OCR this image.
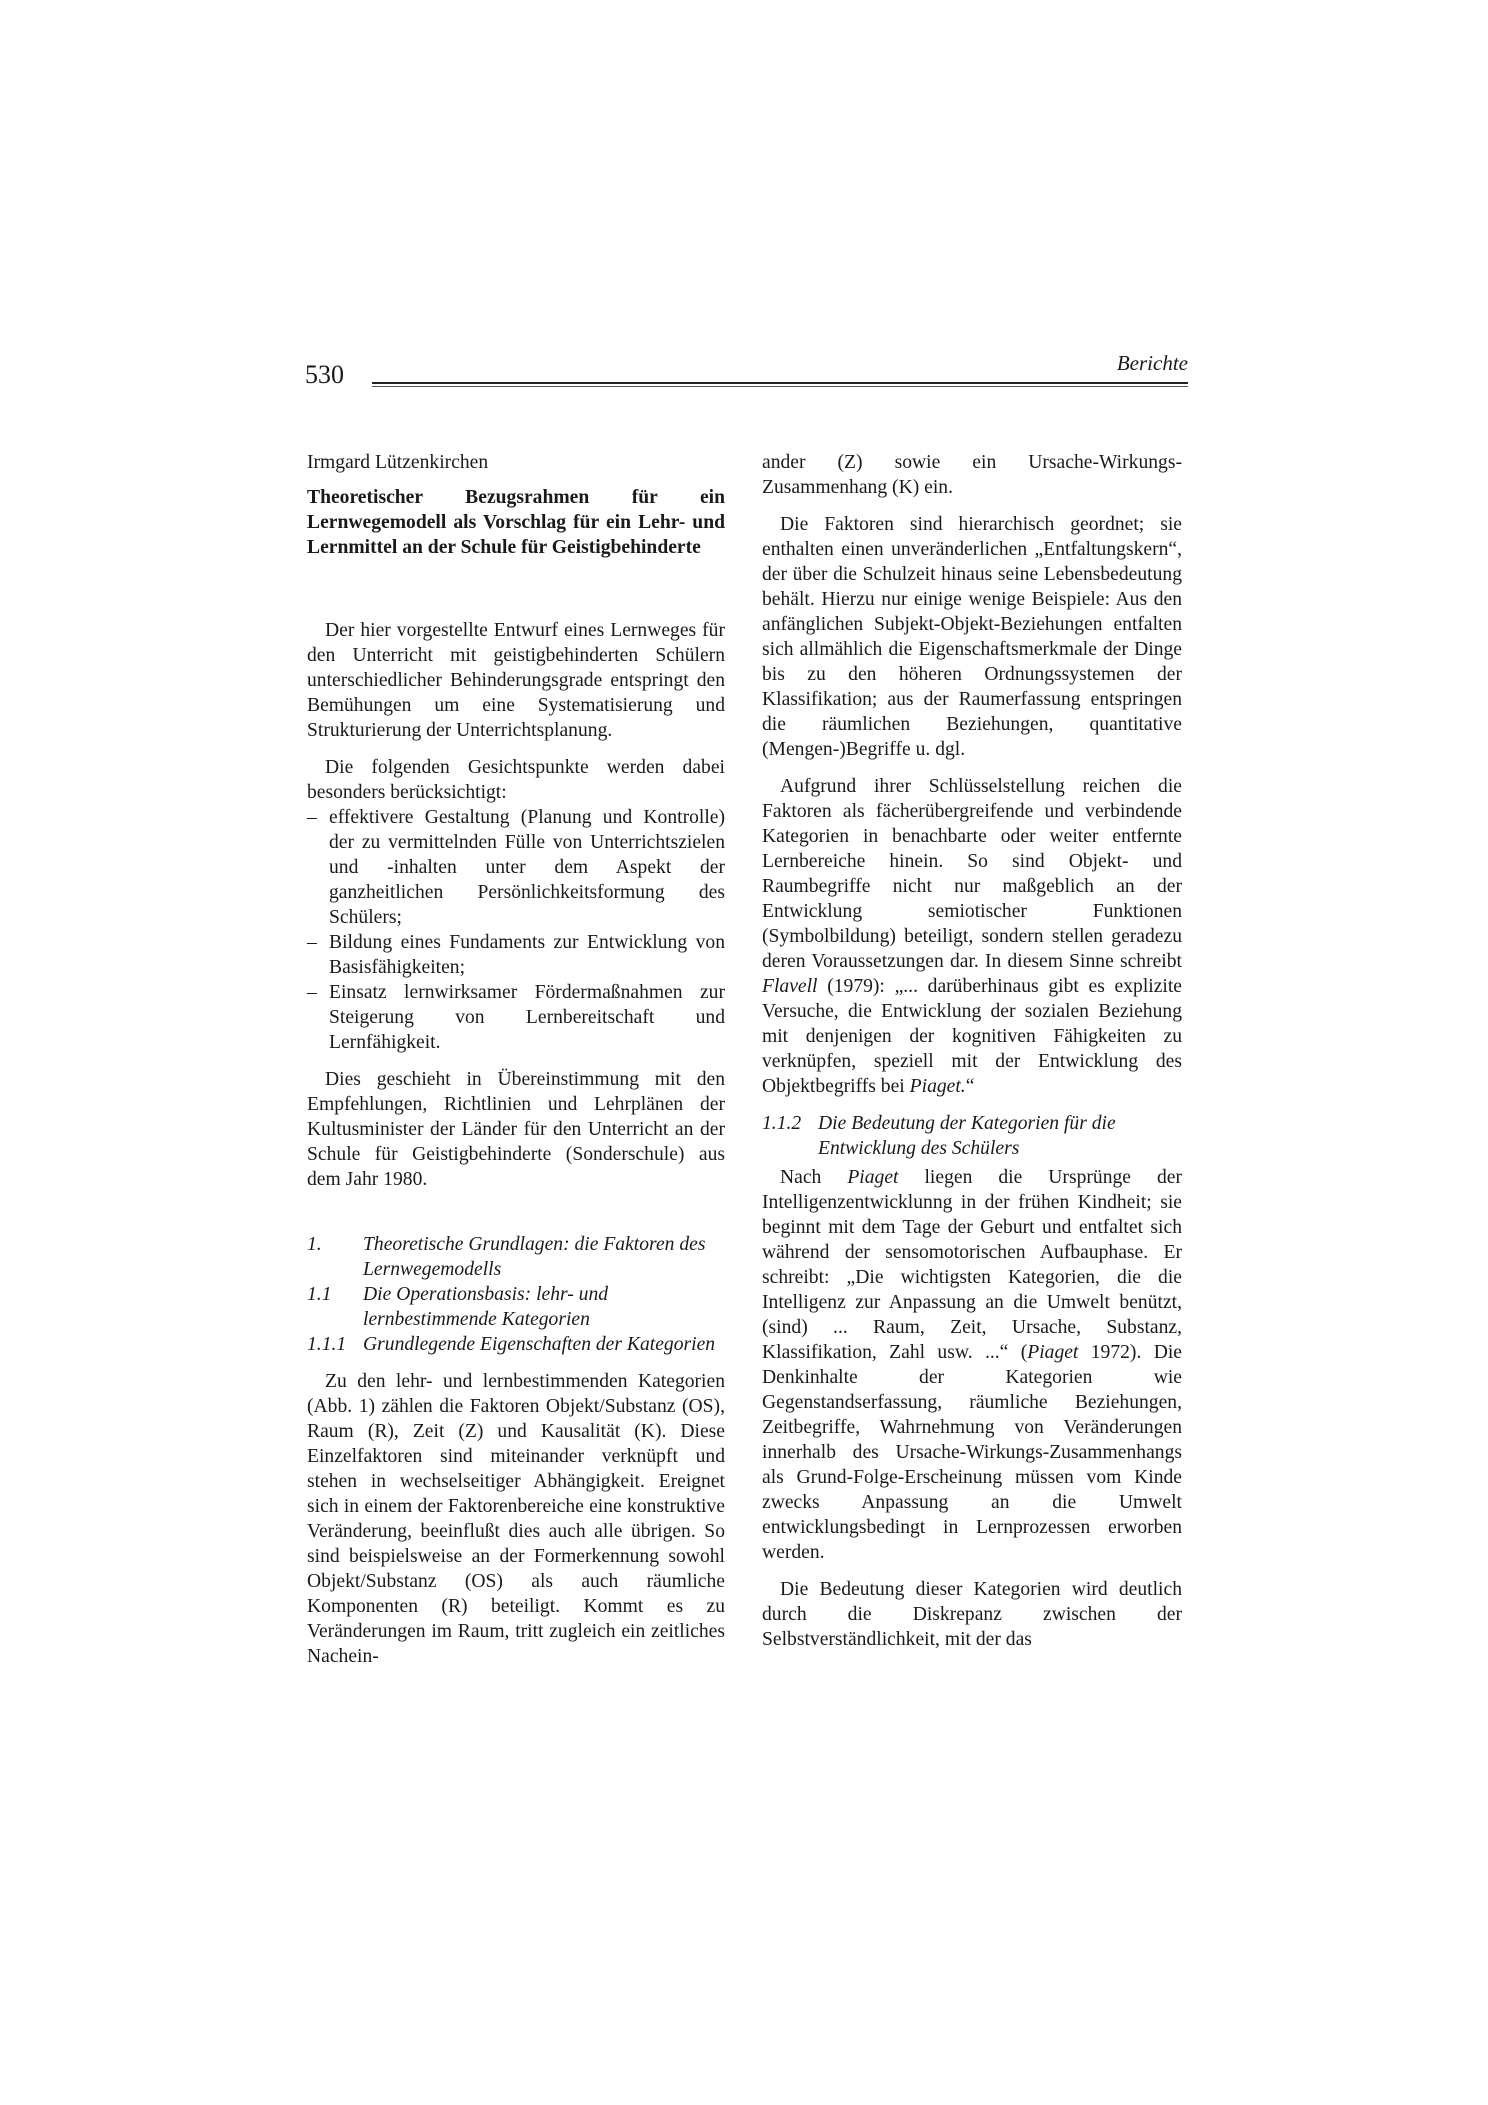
530	Berichte

Irmgard Lützenkirchen

Theoretischer Bezugsrahmen für ein Lernwegemodell als Vorschlag für ein Lehr- und Lernmittel an der Schule für Geistigbehinderte

Der hier vorgestellte Entwurf eines Lernweges für den Unterricht mit geistigbehinderten Schülern unterschiedlicher Behinderungsgrade entspringt den Bemühungen um eine Systematisierung und Strukturierung der Unterrichtsplanung.

Die folgenden Gesichtspunkte werden dabei besonders berücksichtigt:

– effektivere Gestaltung (Planung und Kontrolle) der zu vermittelnden Fülle von Unterrichtszielen und -inhalten unter dem Aspekt der ganzheitlichen Persönlichkeitsformung des Schülers;
– Bildung eines Fundaments zur Entwicklung von Basisfähigkeiten;
– Einsatz lernwirksamer Fördermaßnahmen zur Steigerung von Lernbereitschaft und Lernfähigkeit.

Dies geschieht in Übereinstimmung mit den Empfehlungen, Richtlinien und Lehrplänen der Kultusminister der Länder für den Unterricht an der Schule für Geistigbehinderte (Sonderschule) aus dem Jahr 1980.

1.	Theoretische Grundlagen: die Faktoren des Lernwegemodells
1.1	Die Operationsbasis: lehr- und lernbestimmende Kategorien
1.1.1 Grundlegende Eigenschaften der Kategorien

Zu den lehr- und lernbestimmenden Kategorien (Abb. 1) zählen die Faktoren Objekt/Substanz (OS), Raum (R), Zeit (Z) und Kausalität (K). Diese Einzelfaktoren sind miteinander verknüpft und stehen in wechselseitiger Abhängigkeit. Ereignet sich in einem der Faktorenbereiche eine konstruktive Veränderung, beeinflußt dies auch alle übrigen. So sind beispielsweise an der Formerkennung sowohl Objekt/Substanz (OS) als auch räumliche Komponenten (R) beteiligt. Kommt es zu Veränderungen im Raum, tritt zugleich ein zeitliches Nachein-

ander (Z) sowie ein Ursache-Wirkungs-Zusammenhang (K) ein.

Die Faktoren sind hierarchisch geordnet; sie enthalten einen unveränderlichen „Entfaltungskern“, der über die Schulzeit hinaus seine Lebensbedeutung behält. Hierzu nur einige wenige Beispiele: Aus den anfänglichen Subjekt-Objekt-Beziehungen entfalten sich allmählich die Eigenschaftsmerkmale der Dinge bis zu den höheren Ordnungssystemen der Klassifikation; aus der Raumerfassung entspringen die räumlichen Beziehungen, quantitative (Mengen-)Begriffe u. dgl.

Aufgrund ihrer Schlüsselstellung reichen die Faktoren als fächerübergreifende und verbindende Kategorien in benachbarte oder weiter entfernte Lernbereiche hinein. So sind Objekt- und Raumbegriffe nicht nur maßgeblich an der Entwicklung semiotischer Funktionen (Symbolbildung) beteiligt, sondern stellen geradezu deren Voraussetzungen dar. In diesem Sinne schreibt Flavell (1979): „... darüberhinaus gibt es explizite Versuche, die Entwicklung der sozialen Beziehung mit denjenigen der kognitiven Fähigkeiten zu verknüpfen, speziell mit der Entwicklung des Objektbegriffs bei Piaget.“

1.1.2 Die Bedeutung der Kategorien für die Entwicklung des Schülers

Nach Piaget liegen die Ursprünge der Intelligenzentwicklunng in der frühen Kindheit; sie beginnt mit dem Tage der Geburt und entfaltet sich während der sensomotorischen Aufbauphase. Er schreibt: „Die wichtigsten Kategorien, die die Intelligenz zur Anpassung an die Umwelt benützt, (sind) ... Raum, Zeit, Ursache, Substanz, Klassifikation, Zahl usw. ...“ (Piaget 1972). Die Denkinhalte der Kategorien wie Gegenstandserfassung, räumliche Beziehungen, Zeitbegriffe, Wahrnehmung von Veränderungen innerhalb des Ursache-Wirkungs-Zusammenhangs als Grund-Folge-Erscheinung müssen vom Kinde zwecks Anpassung an die Umwelt entwicklungsbedingt in Lernprozessen erworben werden.

Die Bedeutung dieser Kategorien wird deutlich durch die Diskrepanz zwischen der Selbstverständlichkeit, mit der das
